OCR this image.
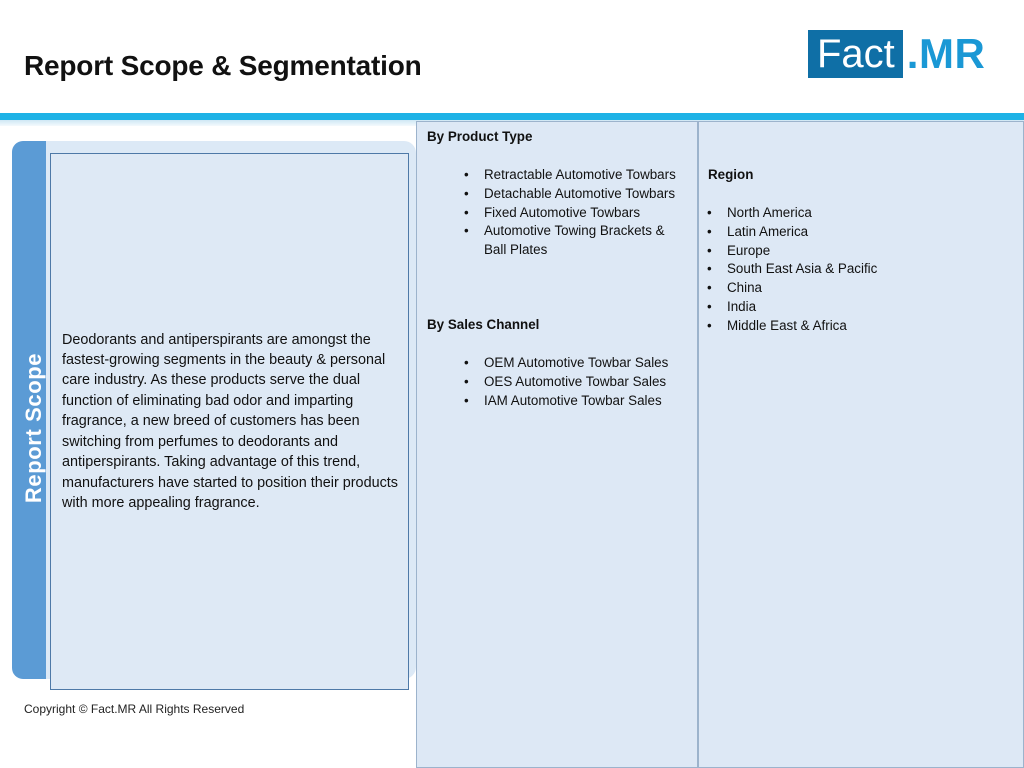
Report Scope & Segmentation	Fact .MR
Report Scope
Deodorants and antiperspirants are amongst the fastest-growing segments in the beauty & personal care industry. As these products serve the dual function of eliminating bad odor and imparting fragrance, a new breed of customers has been switching from perfumes to deodorants and antiperspirants. Taking advantage of this trend, manufacturers have started to position their products with more appealing fragrance.
By Product Type
• Retractable Automotive Towbars
• Detachable Automotive Towbars
• Fixed Automotive Towbars
• Automotive Towing Brackets & Ball Plates
By Sales Channel
• OEM Automotive Towbar Sales
• OES Automotive Towbar Sales
• IAM Automotive Towbar Sales
Region
• North America
• Latin America
• Europe
• South East Asia & Pacific
• China
• India
• Middle East & Africa
Copyright © Fact.MR All Rights Reserved
